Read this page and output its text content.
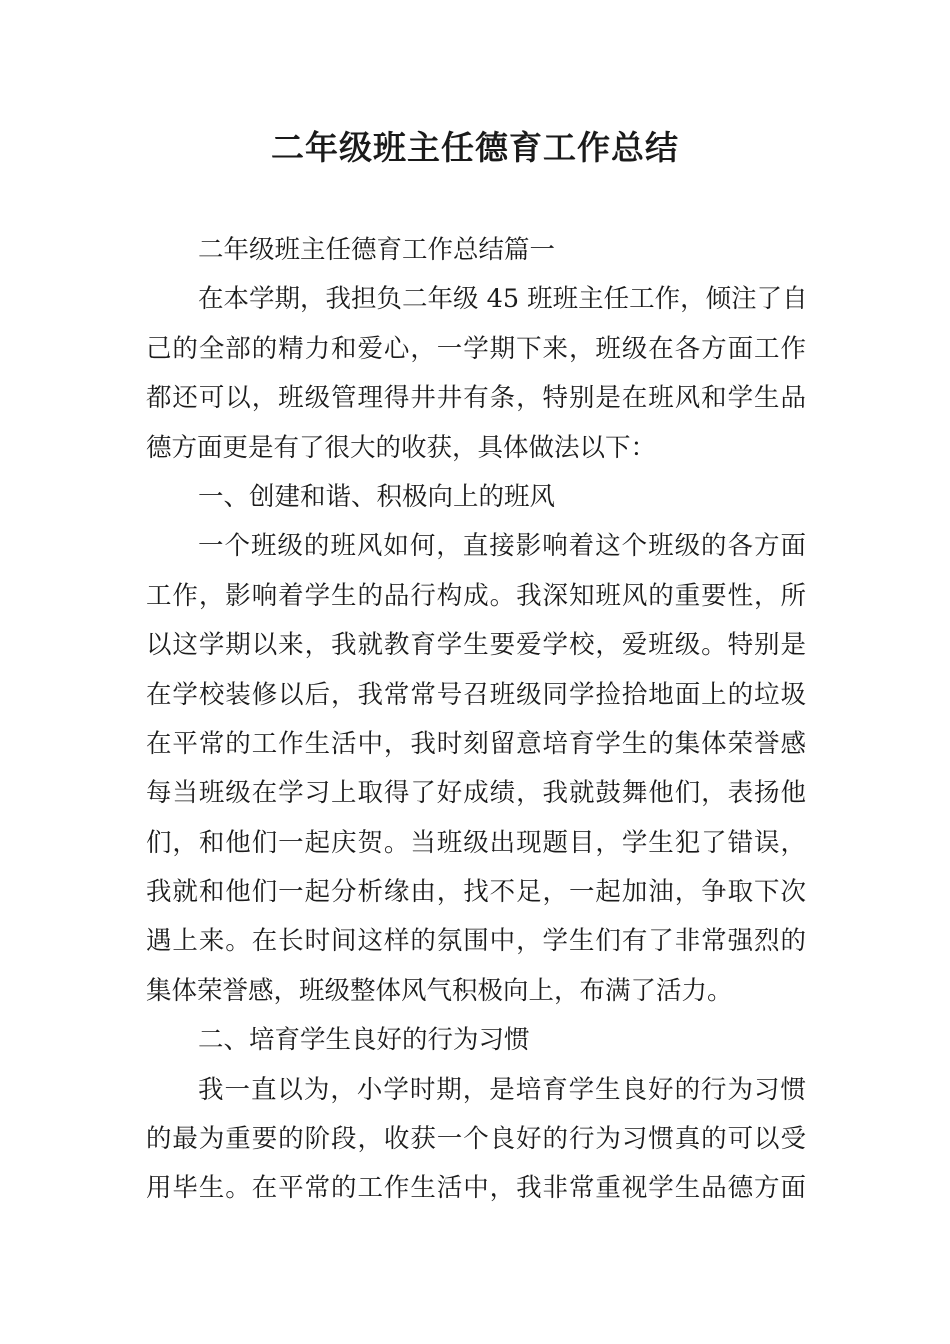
二年级班主任德育工作总结
二年级班主任德育工作总结篇一
在本学期，我担负二年级 45 班班主任工作，倾注了自
己的全部的精力和爱心，一学期下来，班级在各方面工作
都还可以，班级管理得井井有条，特别是在班风和学生品
德方面更是有了很大的收获，具体做法以下：
一、创建和谐、积极向上的班风
一个班级的班风如何，直接影响着这个班级的各方面
工作，影响着学生的品行构成。我深知班风的重要性，所
以这学期以来，我就教育学生要爱学校，爱班级。特别是
在学校装修以后，我常常号召班级同学捡拾地面上的垃圾
在平常的工作生活中，我时刻留意培育学生的集体荣誉感
每当班级在学习上取得了好成绩，我就鼓舞他们，表扬他
们，和他们一起庆贺。当班级出现题目，学生犯了错误，
我就和他们一起分析缘由，找不足，一起加油，争取下次
遇上来。在长时间这样的氛围中，学生们有了非常强烈的
集体荣誉感，班级整体风气积极向上，布满了活力。
二、培育学生良好的行为习惯
我一直以为，小学时期，是培育学生良好的行为习惯
的最为重要的阶段，收获一个良好的行为习惯真的可以受
用毕生。在平常的工作生活中，我非常重视学生品德方面
